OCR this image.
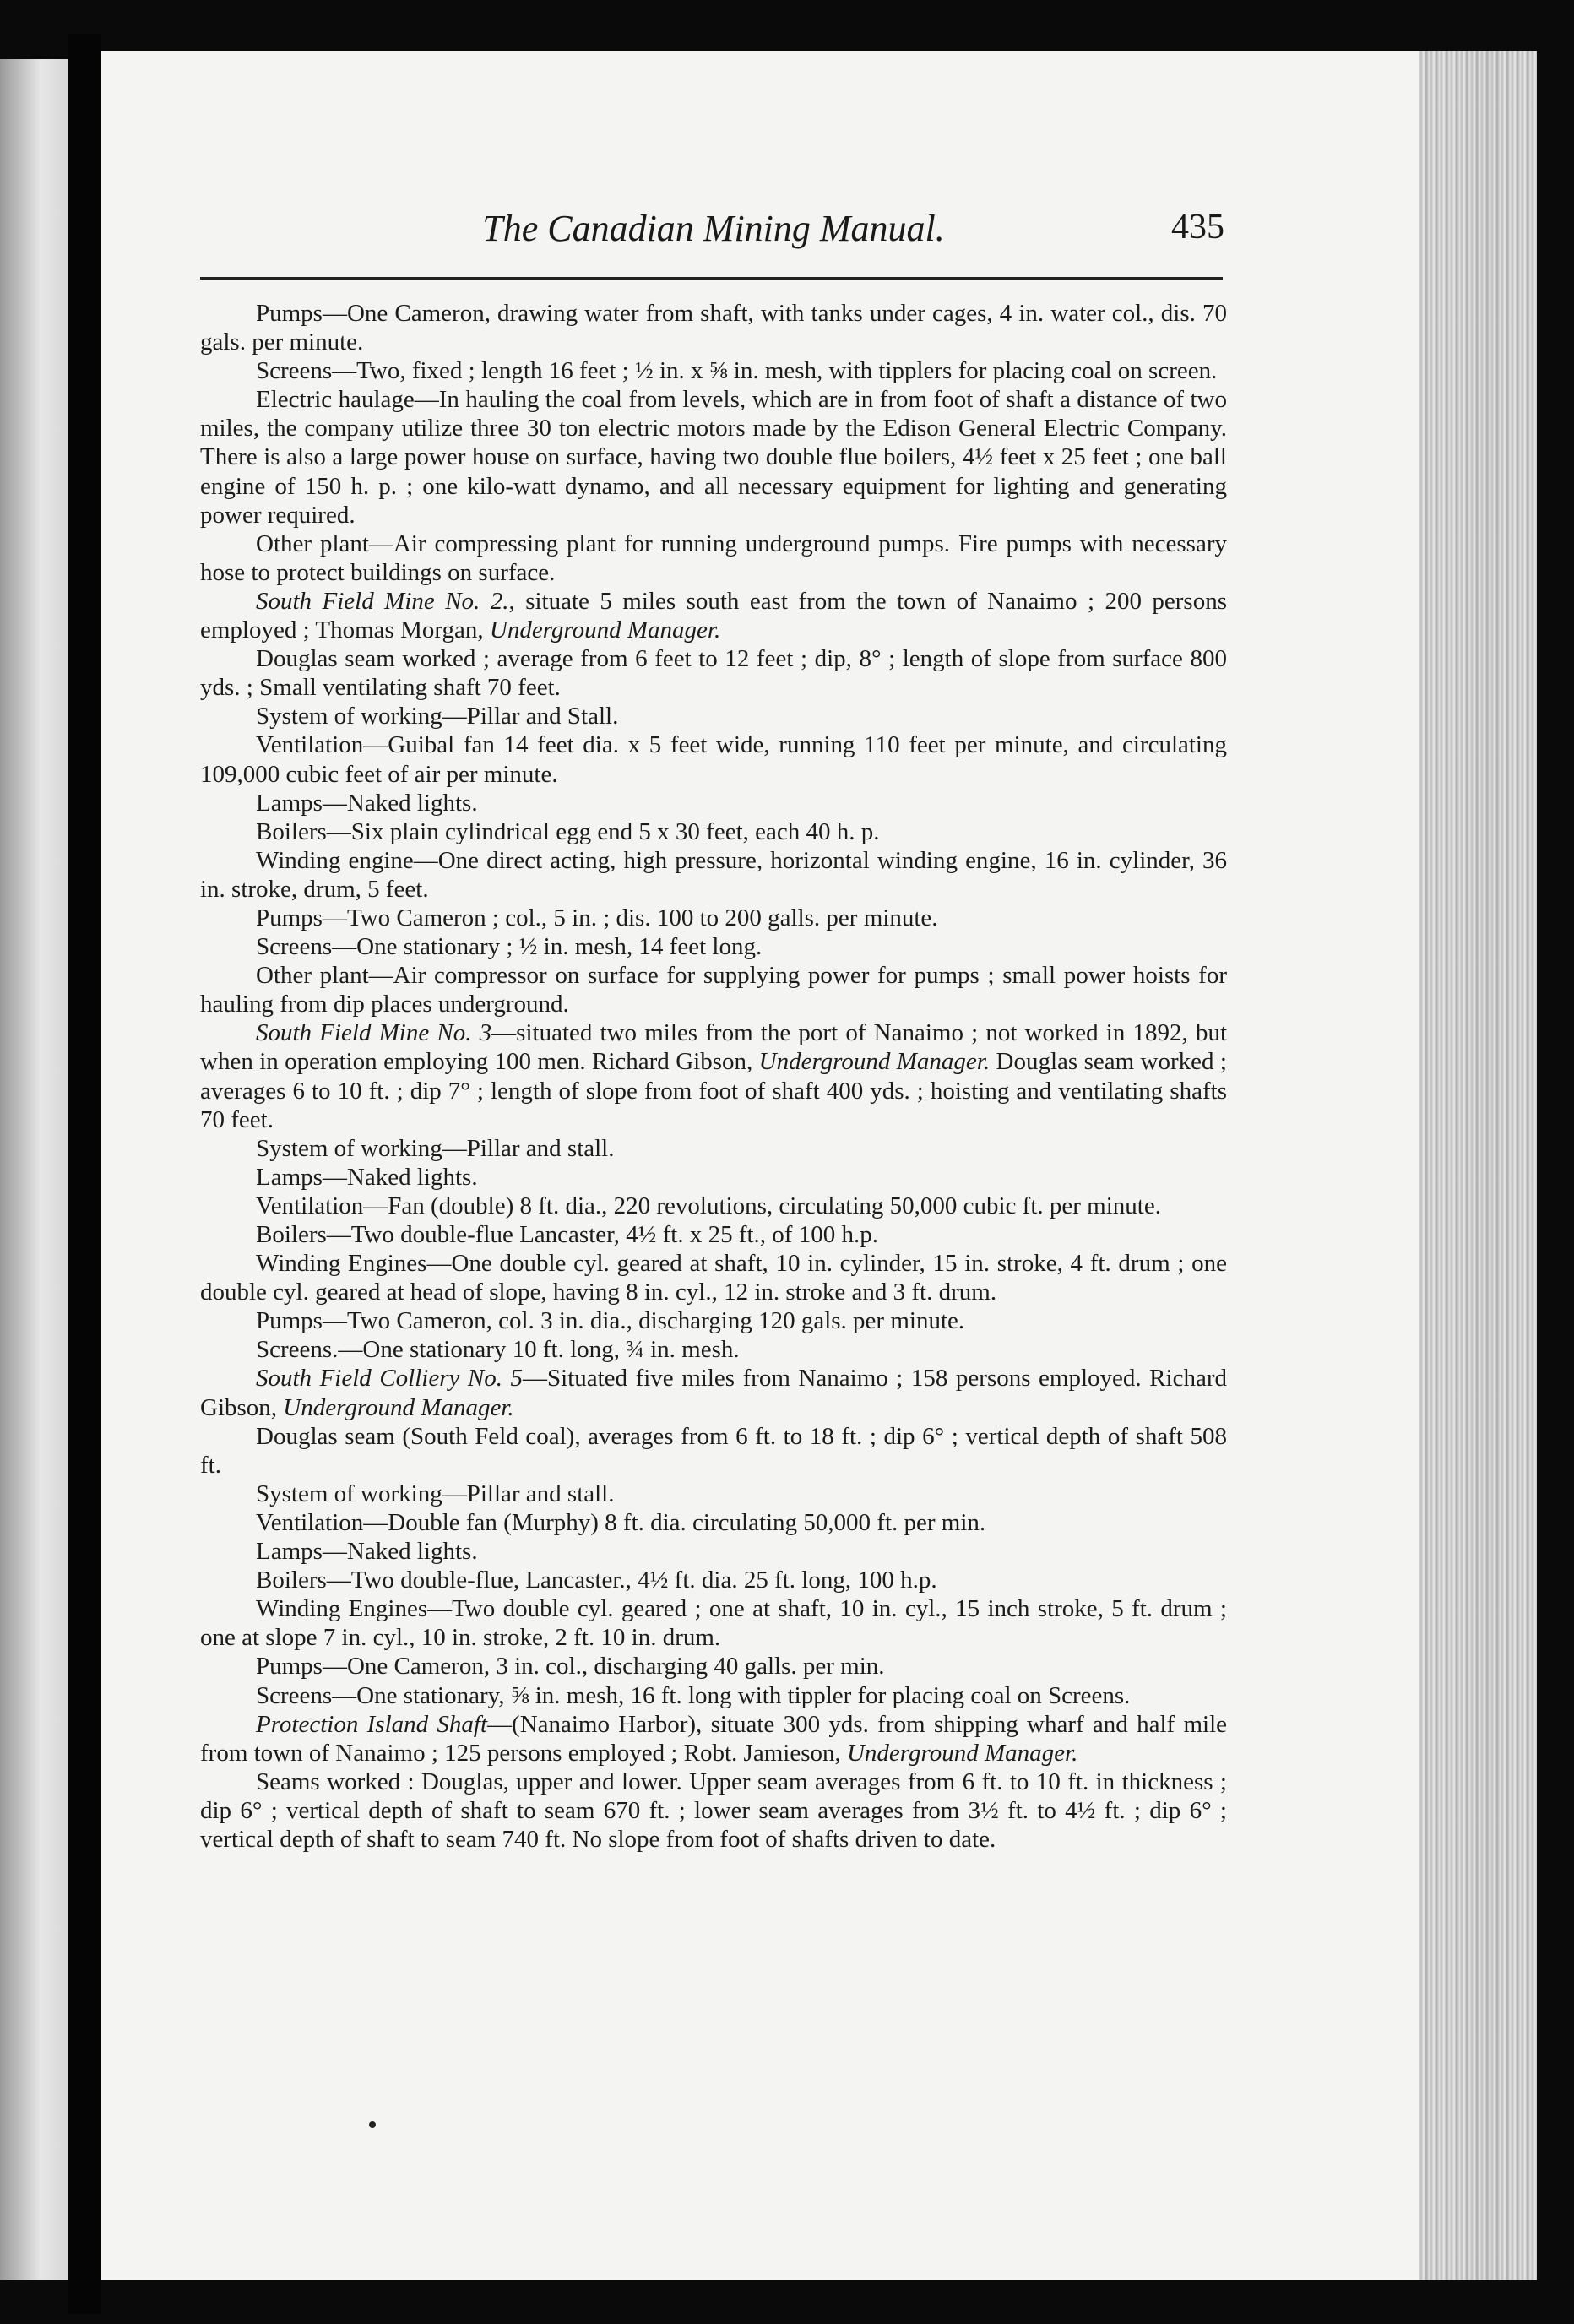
The Canadian Mining Manual.	435

Pumps—One Cameron, drawing water from shaft, with tanks under cages, 4 in. water col., dis. 70 gals. per minute.

Screens—Two, fixed ; length 16 feet ; ½ in. x ⅝ in. mesh, with tipplers for placing coal on screen.

Electric haulage—In hauling the coal from levels, which are in from foot of shaft a distance of two miles, the company utilize three 30 ton electric motors made by the Edison General Electric Company. There is also a large power house on surface, having two double flue boilers, 4½ feet x 25 feet ; one ball engine of 150 h. p. ; one kilo-watt dynamo, and all necessary equipment for lighting and generating power required.

Other plant—Air compressing plant for running underground pumps. Fire pumps with necessary hose to protect buildings on surface.

South Field Mine No. 2., situate 5 miles south east from the town of Nanaimo ; 200 persons employed ; Thomas Morgan, Underground Manager.

Douglas seam worked ; average from 6 feet to 12 feet ; dip, 8° ; length of slope from surface 800 yds. ; Small ventilating shaft 70 feet.

System of working—Pillar and Stall.

Ventilation—Guibal fan 14 feet dia. x 5 feet wide, running 110 feet per minute, and circulating 109,000 cubic feet of air per minute.

Lamps—Naked lights.

Boilers—Six plain cylindrical egg end 5 x 30 feet, each 40 h. p.

Winding engine—One direct acting, high pressure, horizontal winding engine, 16 in. cylinder, 36 in. stroke, drum, 5 feet.

Pumps—Two Cameron ; col., 5 in. ; dis. 100 to 200 galls. per minute.

Screens—One stationary ; ½ in. mesh, 14 feet long.

Other plant—Air compressor on surface for supplying power for pumps ; small power hoists for hauling from dip places underground.

South Field Mine No. 3—situated two miles from the port of Nanaimo ; not worked in 1892, but when in operation employing 100 men. Richard Gibson, Underground Manager. Douglas seam worked ; averages 6 to 10 ft. ; dip 7° ; length of slope from foot of shaft 400 yds. ; hoisting and ventilating shafts 70 feet.

System of working—Pillar and stall.

Lamps—Naked lights.

Ventilation—Fan (double) 8 ft. dia., 220 revolutions, circulating 50,000 cubic ft. per minute.

Boilers—Two double-flue Lancaster, 4½ ft. x 25 ft., of 100 h.p.

Winding Engines—One double cyl. geared at shaft, 10 in. cylinder, 15 in. stroke, 4 ft. drum ; one double cyl. geared at head of slope, having 8 in. cyl., 12 in. stroke and 3 ft. drum.

Pumps—Two Cameron, col. 3 in. dia., discharging 120 gals. per minute.

Screens.—One stationary 10 ft. long, ¾ in. mesh.

South Field Colliery No. 5—Situated five miles from Nanaimo ; 158 persons employed. Richard Gibson, Underground Manager.

Douglas seam (South Feld coal), averages from 6 ft. to 18 ft. ; dip 6° ; vertical depth of shaft 508 ft.

System of working—Pillar and stall.

Ventilation—Double fan (Murphy) 8 ft. dia. circulating 50,000 ft. per min.

Lamps—Naked lights.

Boilers—Two double-flue, Lancaster., 4½ ft. dia. 25 ft. long, 100 h.p.

Winding Engines—Two double cyl. geared ; one at shaft, 10 in. cyl., 15 inch stroke, 5 ft. drum ; one at slope 7 in. cyl., 10 in. stroke, 2 ft. 10 in. drum.

Pumps—One Cameron, 3 in. col., discharging 40 galls. per min.

Screens—One stationary, ⅝ in. mesh, 16 ft. long with tippler for placing coal on Screens.

Protection Island Shaft—(Nanaimo Harbor), situate 300 yds. from shipping wharf and half mile from town of Nanaimo ; 125 persons employed ; Robt. Jamieson, Underground Manager.

Seams worked : Douglas, upper and lower. Upper seam averages from 6 ft. to 10 ft. in thickness ; dip 6° ; vertical depth of shaft to seam 670 ft. ; lower seam averages from 3½ ft. to 4½ ft. ; dip 6° ; vertical depth of shaft to seam 740 ft. No slope from foot of shafts driven to date.
